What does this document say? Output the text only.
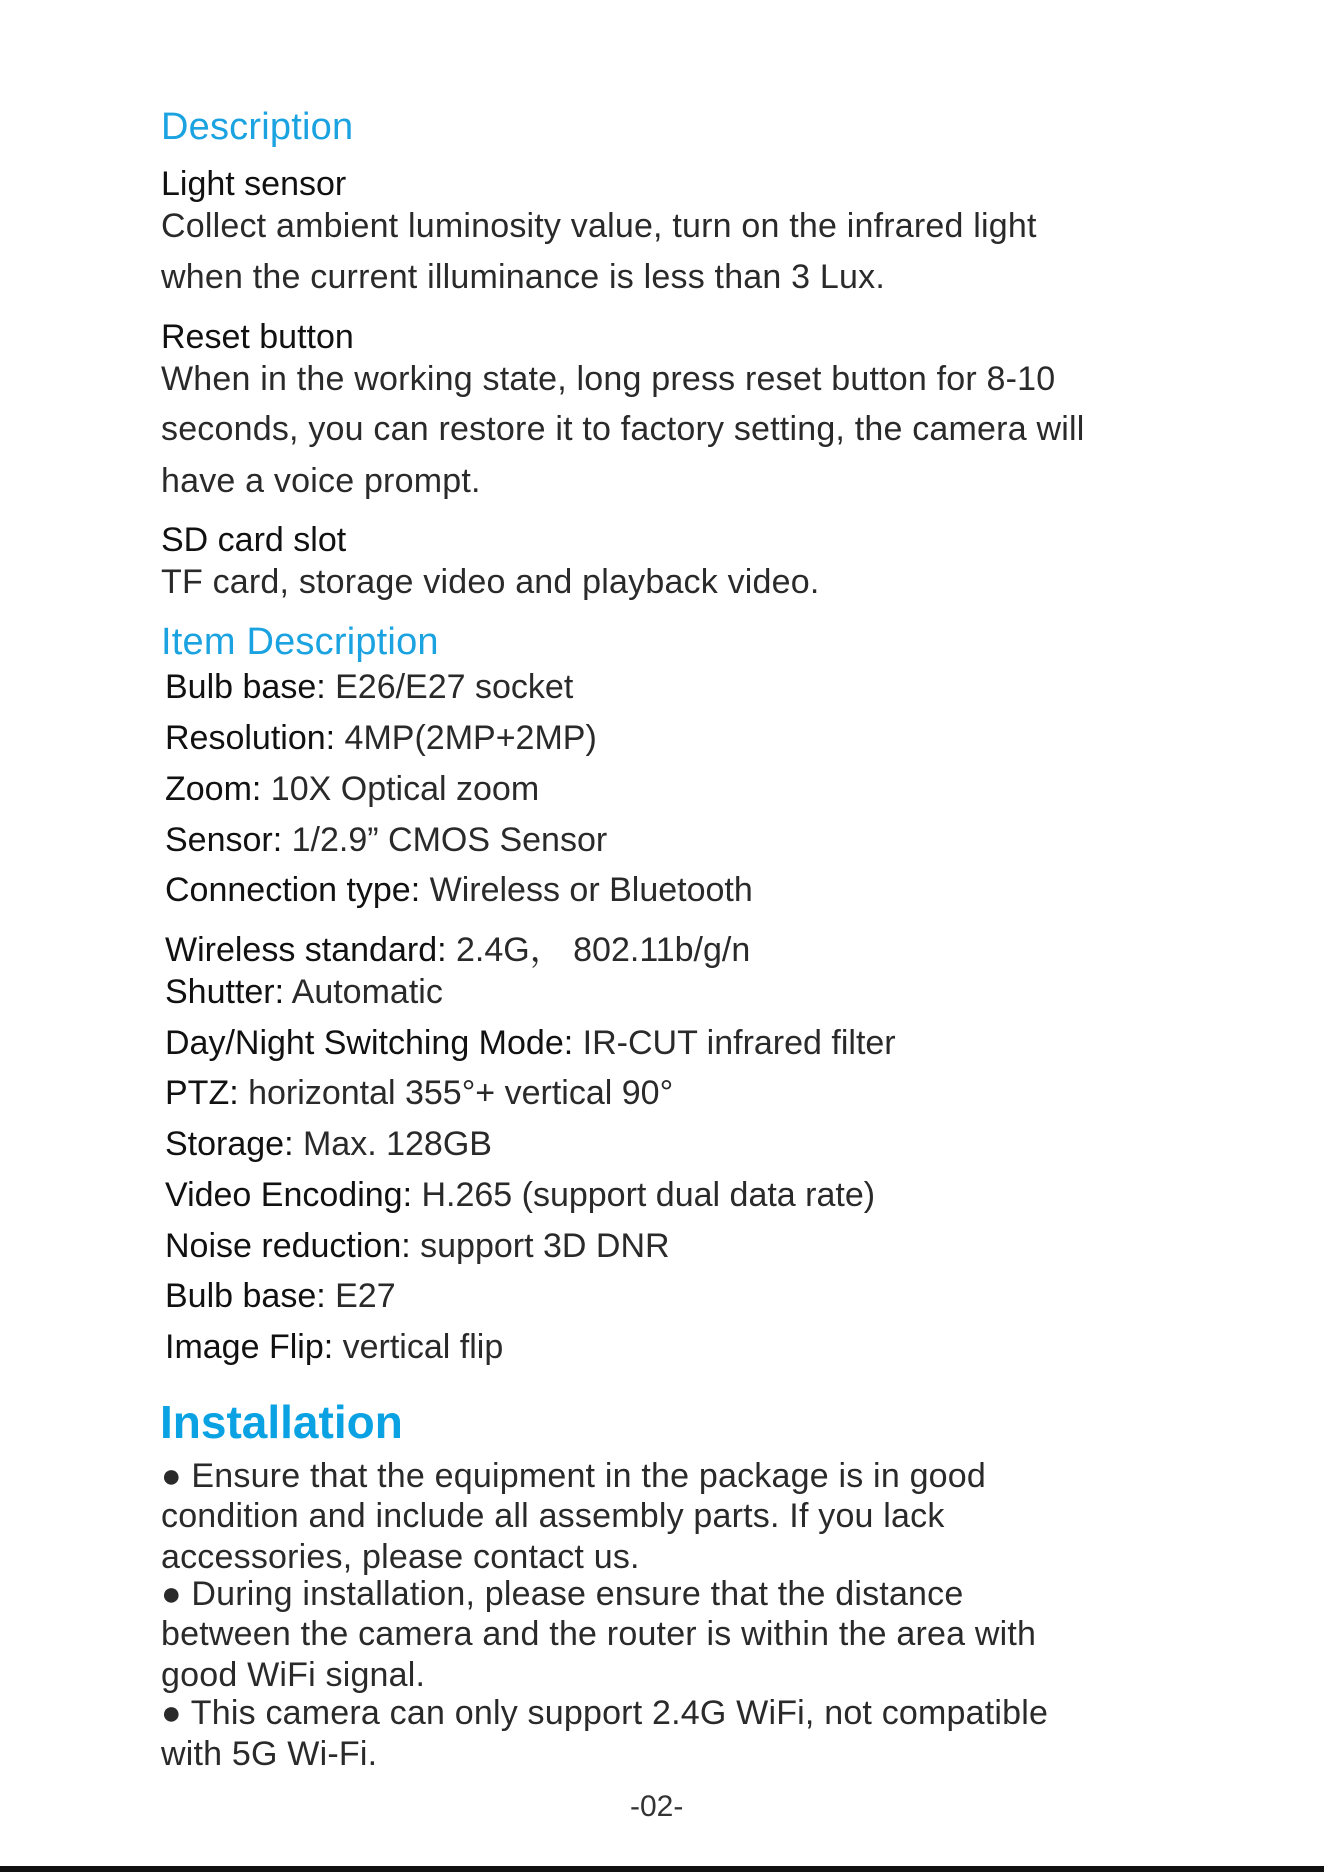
Description
Light sensor
Collect ambient luminosity value, turn on the infrared light
when the current illuminance is less than 3 Lux.
Reset button
When in the working state, long press reset button for 8-10
seconds, you can restore it to factory setting, the camera will
have a voice prompt.
SD card slot
TF card, storage video and playback video.
Item Description
Bulb base: E26/E27 socket
Resolution: 4MP(2MP+2MP)
Zoom: 10X Optical zoom
Sensor: 1/2.9” CMOS Sensor
Connection type: Wireless or Bluetooth
Wireless standard: 2.4G， 802.11b/g/n
Shutter: Automatic
Day/Night Switching Mode: IR-CUT infrared filter
PTZ: horizontal 355°+ vertical 90°
Storage: Max. 128GB
Video Encoding: H.265 (support dual data rate)
Noise reduction: support 3D DNR
Bulb base: E27
Image Flip: vertical flip
Installation
● Ensure that the equipment in the package is in good
condition and include all assembly parts. If you lack
accessories, please contact us.
● During installation, please ensure that the distance
between the camera and the router is within the area with
good WiFi signal.
● This camera can only support 2.4G WiFi, not compatible
with 5G Wi-Fi.
-02-
